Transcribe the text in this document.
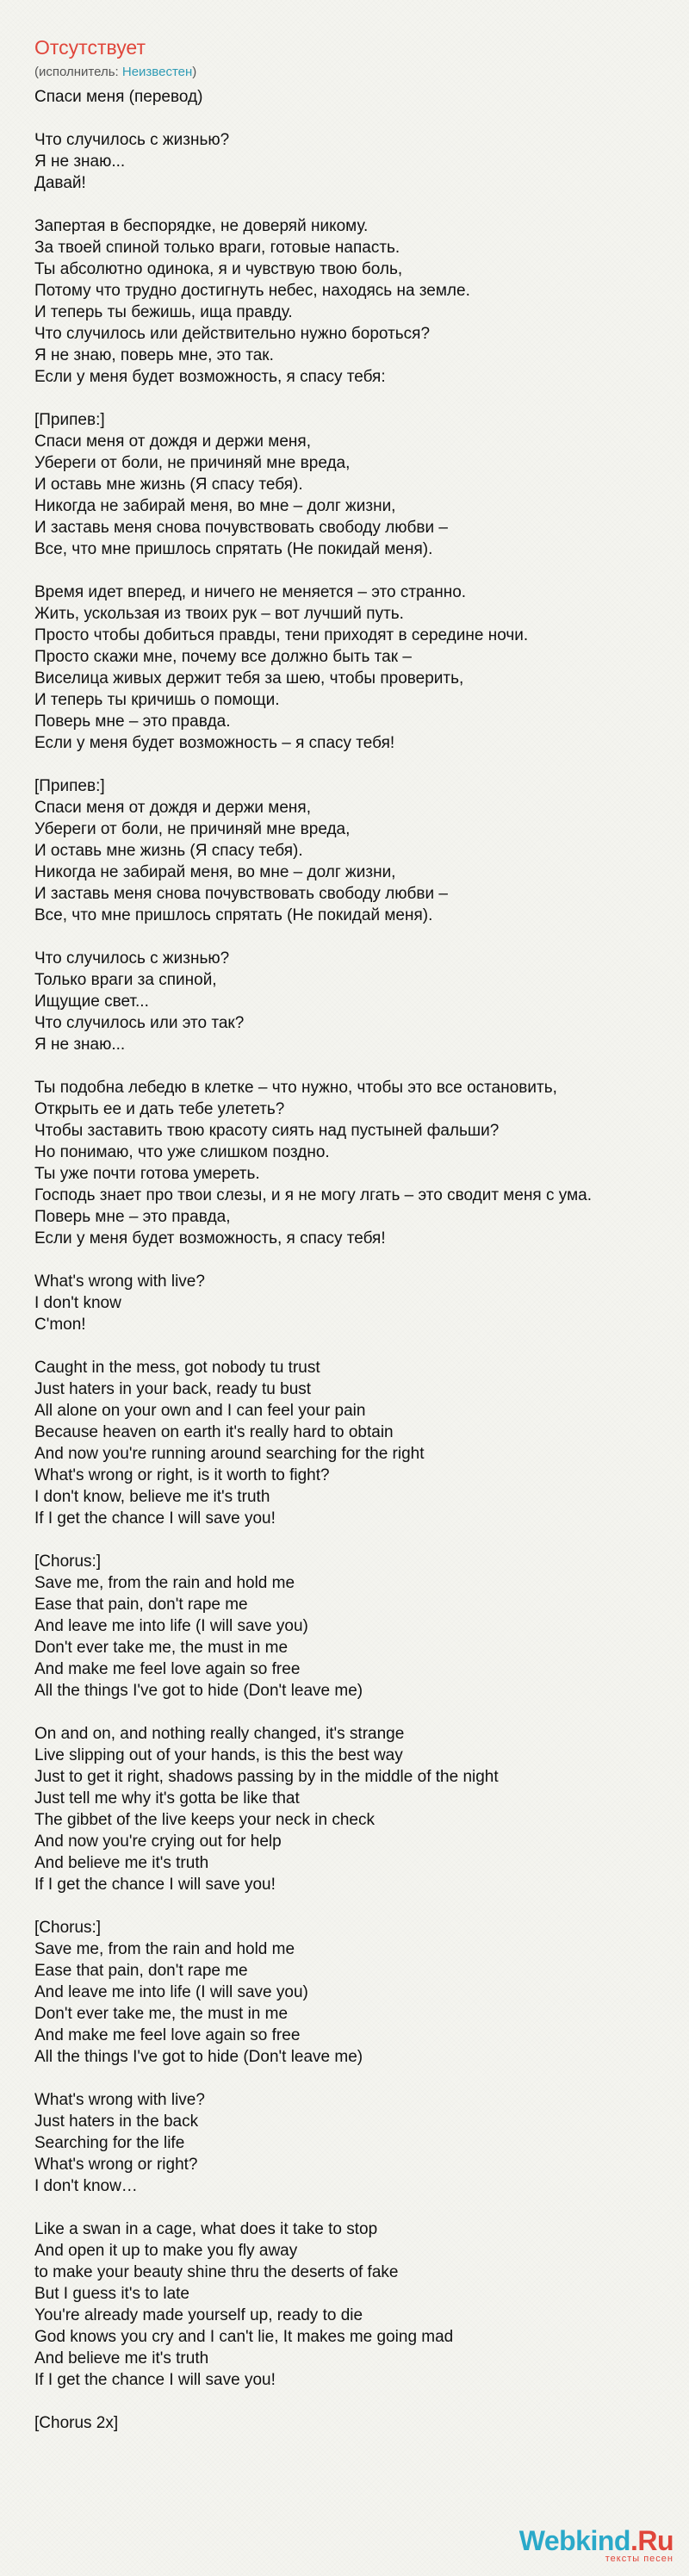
Отсутствует
(исполнитель: Неизвестен)
Спаси меня (перевод)
Что случилось с жизнью?
Я не знаю...
Давай!
Запертая в беспорядке, не доверяй никому.
За твоей спиной только враги, готовые напасть.
Ты абсолютно одинока, я и чувствую твою боль,
Потому что трудно достигнуть небес, находясь на земле.
И теперь ты бежишь, ища правду.
Что случилось или действительно нужно бороться?
Я не знаю, поверь мне, это так.
Если у меня будет возможность, я спасу тебя:
[Припев:]
Спаси меня от дождя и держи меня,
Убереги от боли, не причиняй мне вреда,
И оставь мне жизнь (Я спасу тебя).
Никогда не забирай меня, во мне – долг жизни,
И заставь меня снова почувствовать свободу любви –
Все, что мне пришлось спрятать (Не покидай меня).
Время идет вперед, и ничего не меняется – это странно.
Жить, ускользая из твоих рук – вот лучший путь.
Просто чтобы добиться правды, тени приходят в середине ночи.
Просто скажи мне, почему все должно быть так –
Виселица живых держит тебя за шею, чтобы проверить,
И теперь ты кричишь о помощи.
Поверь мне – это правда.
Если у меня будет возможность – я спасу тебя!
[Припев:]
Спаси меня от дождя и держи меня,
Убереги от боли, не причиняй мне вреда,
И оставь мне жизнь (Я спасу тебя).
Никогда не забирай меня, во мне – долг жизни,
И заставь меня снова почувствовать свободу любви –
Все, что мне пришлось спрятать (Не покидай меня).
Что случилось с жизнью?
Только враги за спиной,
Ищущие свет...
Что случилось или это так?
Я не знаю...
Ты подобна лебедю в клетке – что нужно, чтобы это все остановить,
Открыть ее и дать тебе улететь?
Чтобы заставить твою красоту сиять над пустыней фальши?
Но понимаю, что уже слишком поздно.
Ты уже почти готова умереть.
Господь знает про твои слезы, и я не могу лгать – это сводит меня с ума.
Поверь мне – это правда,
Если у меня будет возможность, я спасу тебя!
What's wrong with live?
I don't know
C'mon!
Caught in the mess, got nobody tu trust
Just haters in your back, ready tu bust
All alone on your own and I can feel your pain
Because heaven on earth it's really hard to obtain
And now you're running around searching for the right
What's wrong or right, is it worth to fight?
I don't know, believe me it's truth
If I get the chance I will save you!
[Chorus:]
Save me, from the rain and hold me
Ease that pain, don't rape me
And leave me into life (I will save you)
Don't ever take me, the must in me
And make me feel love again so free
All the things I've got to hide (Don't leave me)
On and on, and nothing really changed, it's strange
Live slipping out of your hands, is this the best way
Just to get it right, shadows passing by in the middle of the night
Just tell me why it's gotta be like that
The gibbet of the live keeps your neck in check
And now you're crying out for help
And believe me it's truth
If I get the chance I will save you!
[Chorus:]
Save me, from the rain and hold me
Ease that pain, don't rape me
And leave me into life (I will save you)
Don't ever take me, the must in me
And make me feel love again so free
All the things I've got to hide (Don't leave me)
What's wrong with live?
Just haters in the back
Searching for the life
What's wrong or right?
I don't know…
Like a swan in a cage, what does it take to stop
And open it up to make you fly away
to make your beauty shine thru the deserts of fake
But I guess it's to late
You're already made yourself up, ready to die
God knows you cry and I can't lie, It makes me going mad
And believe me it's truth
If I get the chance I will save you!
[Chorus 2x]
Webkind.Ru
тексты песен
